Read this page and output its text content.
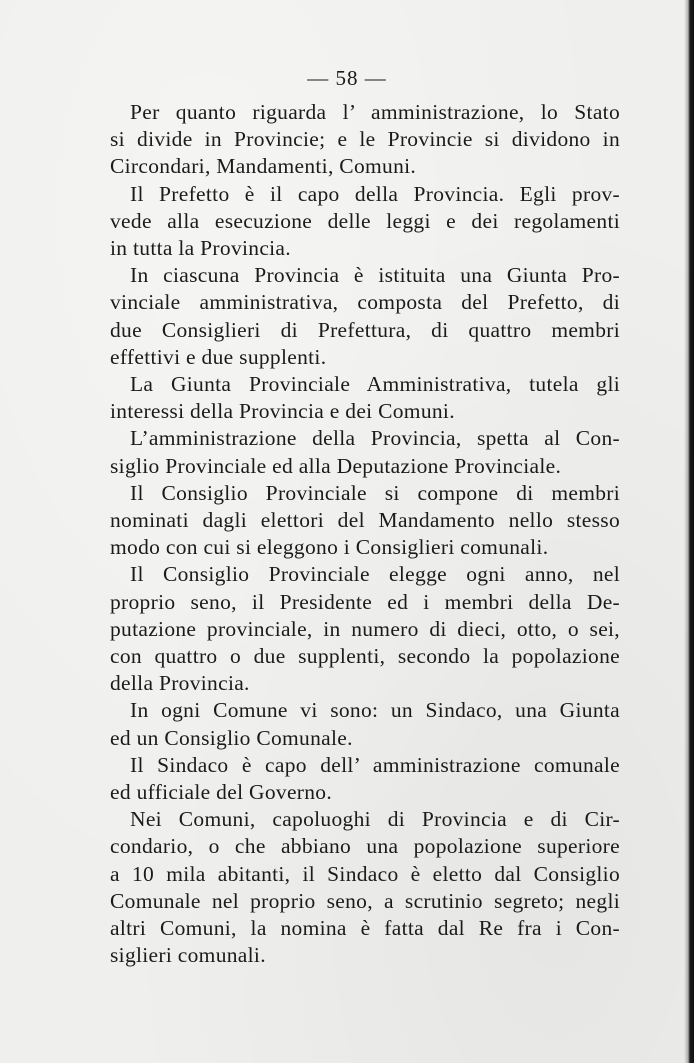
— 58 —

Per quanto riguarda l’ amministrazione, lo Stato
si divide in Provincie; e le Provincie si dividono in
Circondari, Mandamenti, Comuni.

Il Prefetto è il capo della Provincia. Egli prov-
vede alla esecuzione delle leggi e dei regolamenti
in tutta la Provincia.

In ciascuna Provincia è istituita una Giunta Pro-
vinciale amministrativa, composta del Prefetto, di
due Consiglieri di Prefettura, di quattro membri
effettivi e due supplenti.

La Giunta Provinciale Amministrativa, tutela gli
interessi della Provincia e dei Comuni.

L’amministrazione della Provincia, spetta al Con-
siglio Provinciale ed alla Deputazione Provinciale.

Il Consiglio Provinciale si compone di membri
nominati dagli elettori del Mandamento nello stesso
modo con cui si eleggono i Consiglieri comunali.

Il Consiglio Provinciale elegge ogni anno, nel
proprio seno, il Presidente ed i membri della De-
putazione provinciale, in numero di dieci, otto, o sei,
con quattro o due supplenti, secondo la popolazione
della Provincia.

In ogni Comune vi sono: un Sindaco, una Giunta
ed un Consiglio Comunale.

Il Sindaco è capo dell’ amministrazione comunale
ed ufficiale del Governo.

Nei Comuni, capoluoghi di Provincia e di Cir-
condario, o che abbiano una popolazione superiore
a 10 mila abitanti, il Sindaco è eletto dal Consiglio
Comunale nel proprio seno, a scrutinio segreto; negli
altri Comuni, la nomina è fatta dal Re fra i Con-
siglieri comunali.
